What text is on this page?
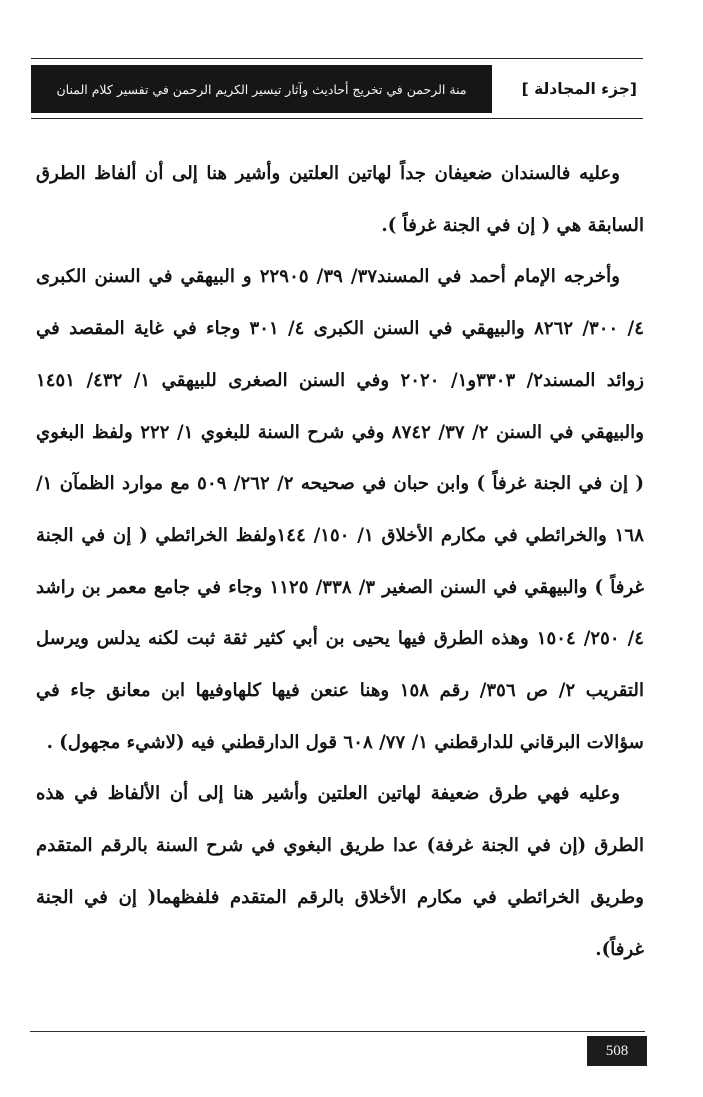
منة الرحمن في تخريج أحاديث وآثار تيسير الكريم الرحمن في تفسير كلام المنان	[جزء المجادلة ]

وعليه فالسندان ضعيفان جداً لهاتين العلتين وأشير هنا إلى أن ألفاظ الطرق السابقة هي ( إن في الجنة غرفاً ).

وأخرجه الإمام أحمد في المسند٣٧/ ٣٩/ ٢٢٩٠٥ و البيهقي في السنن الكبرى ٤/ ٣٠٠/ ٨٢٦٢ والبيهقي في السنن الكبرى ٤/ ٣٠١ وجاء في غاية المقصد في زوائد المسند٢/ ٣٣٠٣و١/ ٢٠٢٠ وفي السنن الصغرى للبيهقي ١/ ٤٣٢/ ١٤٥١ والبيهقي في السنن ٢/ ٣٧/ ٨٧٤٢ وفي شرح السنة للبغوي ١/ ٢٢٢ ولفظ البغوي ( إن في الجنة غرفاً ) وابن حبان في صحيحه ٢/ ٢٦٢/ ٥٠٩ مع موارد الظمآن ١/ ١٦٨ والخرائطي في مكارم الأخلاق ١/ ١٥٠/ ١٤٤ولفظ الخرائطي ( إن في الجنة غرفاً ) والبيهقي في السنن الصغير ٣/ ٣٣٨/ ١١٢٥ وجاء في جامع معمر بن راشد ٤/ ٢٥٠/ ١٥٠٤ وهذه الطرق فيها يحيى بن أبي كثير ثقة ثبت لكنه يدلس ويرسل التقريب ٢/ ص ٣٥٦/ رقم ١٥٨ وهنا عنعن فيها كلهاوفيها ابن معانق جاء في سؤالات البرقاني للدارقطني ١/ ٧٧/ ٦٠٨ قول الدارقطني فيه (لاشيء مجهول) .

وعليه فهي طرق ضعيفة لهاتين العلتين وأشير هنا إلى أن الألفاظ في هذه الطرق (إن في الجنة غرفة) عدا طريق البغوي في شرح السنة بالرقم المتقدم وطريق الخرائطي في مكارم الأخلاق بالرقم المتقدم فلفظهما( إن في الجنة غرفاً).

508
